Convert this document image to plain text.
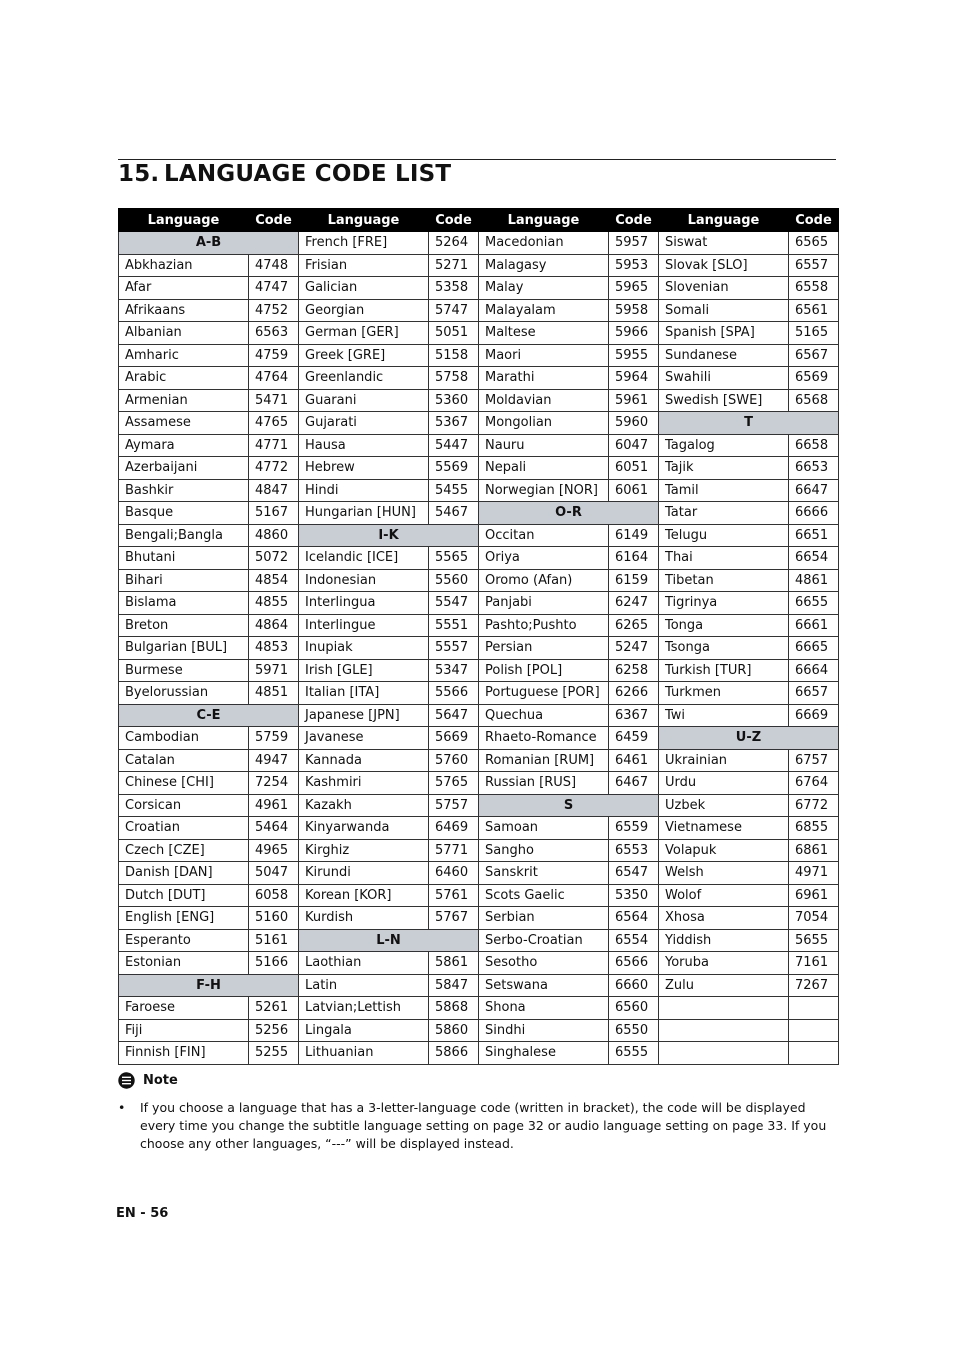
15. LANGUAGE CODE LIST
Language	Code	Language	Code	Language	Code	Language	Code
A-B		French [FRE]	5264	Macedonian	5957	Siswat	6565
Abkhazian	4748	Frisian	5271	Malagasy	5953	Slovak [SLO]	6557
Afar	4747	Galician	5358	Malay	5965	Slovenian	6558
Afrikaans	4752	Georgian	5747	Malayalam	5958	Somali	6561
Albanian	6563	German [GER]	5051	Maltese	5966	Spanish [SPA]	5165
Amharic	4759	Greek [GRE]	5158	Maori	5955	Sundanese	6567
Arabic	4764	Greenlandic	5758	Marathi	5964	Swahili	6569
Armenian	5471	Guarani	5360	Moldavian	5961	Swedish [SWE]	6568
Assamese	4765	Gujarati	5367	Mongolian	5960	T	
Aymara	4771	Hausa	5447	Nauru	6047	Tagalog	6658
Azerbaijani	4772	Hebrew	5569	Nepali	6051	Tajik	6653
Bashkir	4847	Hindi	5455	Norwegian [NOR]	6061	Tamil	6647
Basque	5167	Hungarian [HUN]	5467	O-R		Tatar	6666
Bengali;Bangla	4860	I-K		Occitan	6149	Telugu	6651
Bhutani	5072	Icelandic [ICE]	5565	Oriya	6164	Thai	6654
Bihari	4854	Indonesian	5560	Oromo (Afan)	6159	Tibetan	4861
Bislama	4855	Interlingua	5547	Panjabi	6247	Tigrinya	6655
Breton	4864	Interlingue	5551	Pashto;Pushto	6265	Tonga	6661
Bulgarian [BUL]	4853	Inupiak	5557	Persian	5247	Tsonga	6665
Burmese	5971	Irish [GLE]	5347	Polish [POL]	6258	Turkish [TUR]	6664
Byelorussian	4851	Italian [ITA]	5566	Portuguese [POR]	6266	Turkmen	6657
C-E		Japanese [JPN]	5647	Quechua	6367	Twi	6669
Cambodian	5759	Javanese	5669	Rhaeto-Romance	6459	U-Z	
Catalan	4947	Kannada	5760	Romanian [RUM]	6461	Ukrainian	6757
Chinese [CHI]	7254	Kashmiri	5765	Russian [RUS]	6467	Urdu	6764
Corsican	4961	Kazakh	5757	S		Uzbek	6772
Croatian	5464	Kinyarwanda	6469	Samoan	6559	Vietnamese	6855
Czech [CZE]	4965	Kirghiz	5771	Sangho	6553	Volapuk	6861
Danish [DAN]	5047	Kirundi	6460	Sanskrit	6547	Welsh	4971
Dutch [DUT]	6058	Korean [KOR]	5761	Scots Gaelic	5350	Wolof	6961
English [ENG]	5160	Kurdish	5767	Serbian	6564	Xhosa	7054
Esperanto	5161	L-N		Serbo-Croatian	6554	Yiddish	5655
Estonian	5166	Laothian	5861	Sesotho	6566	Yoruba	7161
F-H		Latin	5847	Setswana	6660	Zulu	7267
Faroese	5261	Latvian;Lettish	5868	Shona	6560		
Fiji	5256	Lingala	5860	Sindhi	6550		
Finnish [FIN]	5255	Lithuanian	5866	Singhalese	6555		
Note
• If you choose a language that has a 3-letter-language code (written in bracket), the code will be displayed every time you change the subtitle language setting on page 32 or audio language setting on page 33. If you choose any other languages, “---” will be displayed instead.
EN - 56
